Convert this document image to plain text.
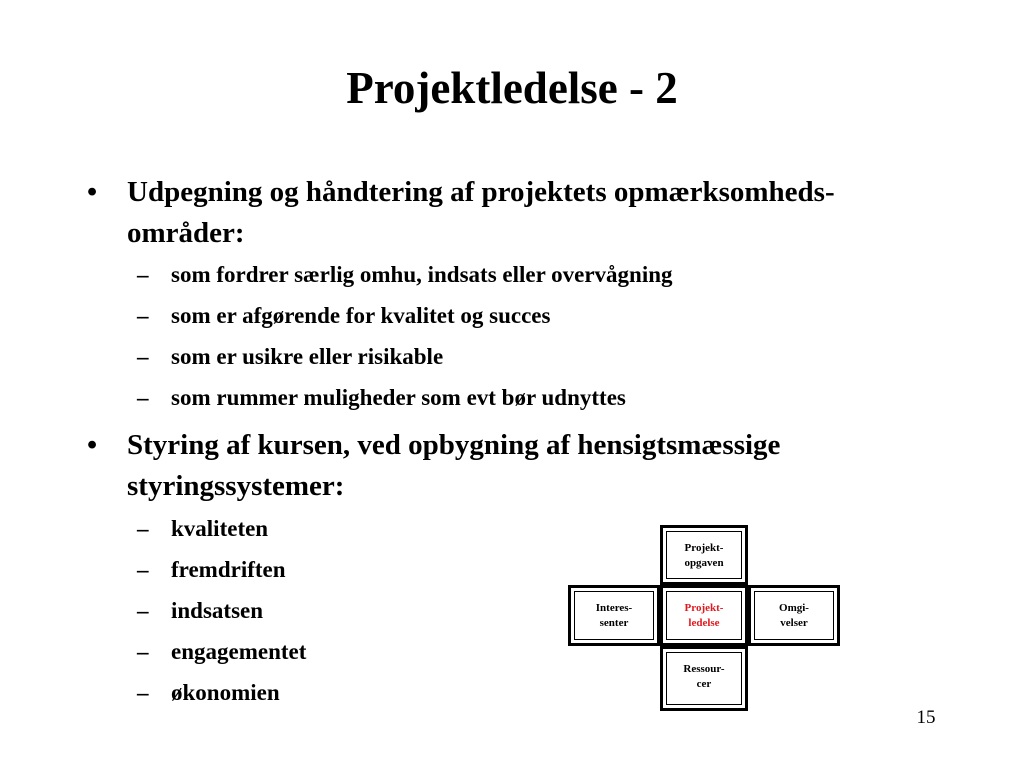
Projektledelse - 2
• Udpegning og håndtering af projektets opmærksomheds-
områder:
– som fordrer særlig omhu, indsats eller overvågning
– som er afgørende for kvalitet og succes
– som er usikre eller risikable
– som rummer muligheder som evt bør udnyttes
• Styring af kursen, ved opbygning af hensigtsmæssige
styringssystemer:
– kvaliteten
– fremdriften
– indsatsen
– engagementet
– økonomien
Projekt-
opgaven
Interes-
senter
Projekt-
ledelse
Omgi-
velser
Ressour-
cer
15
